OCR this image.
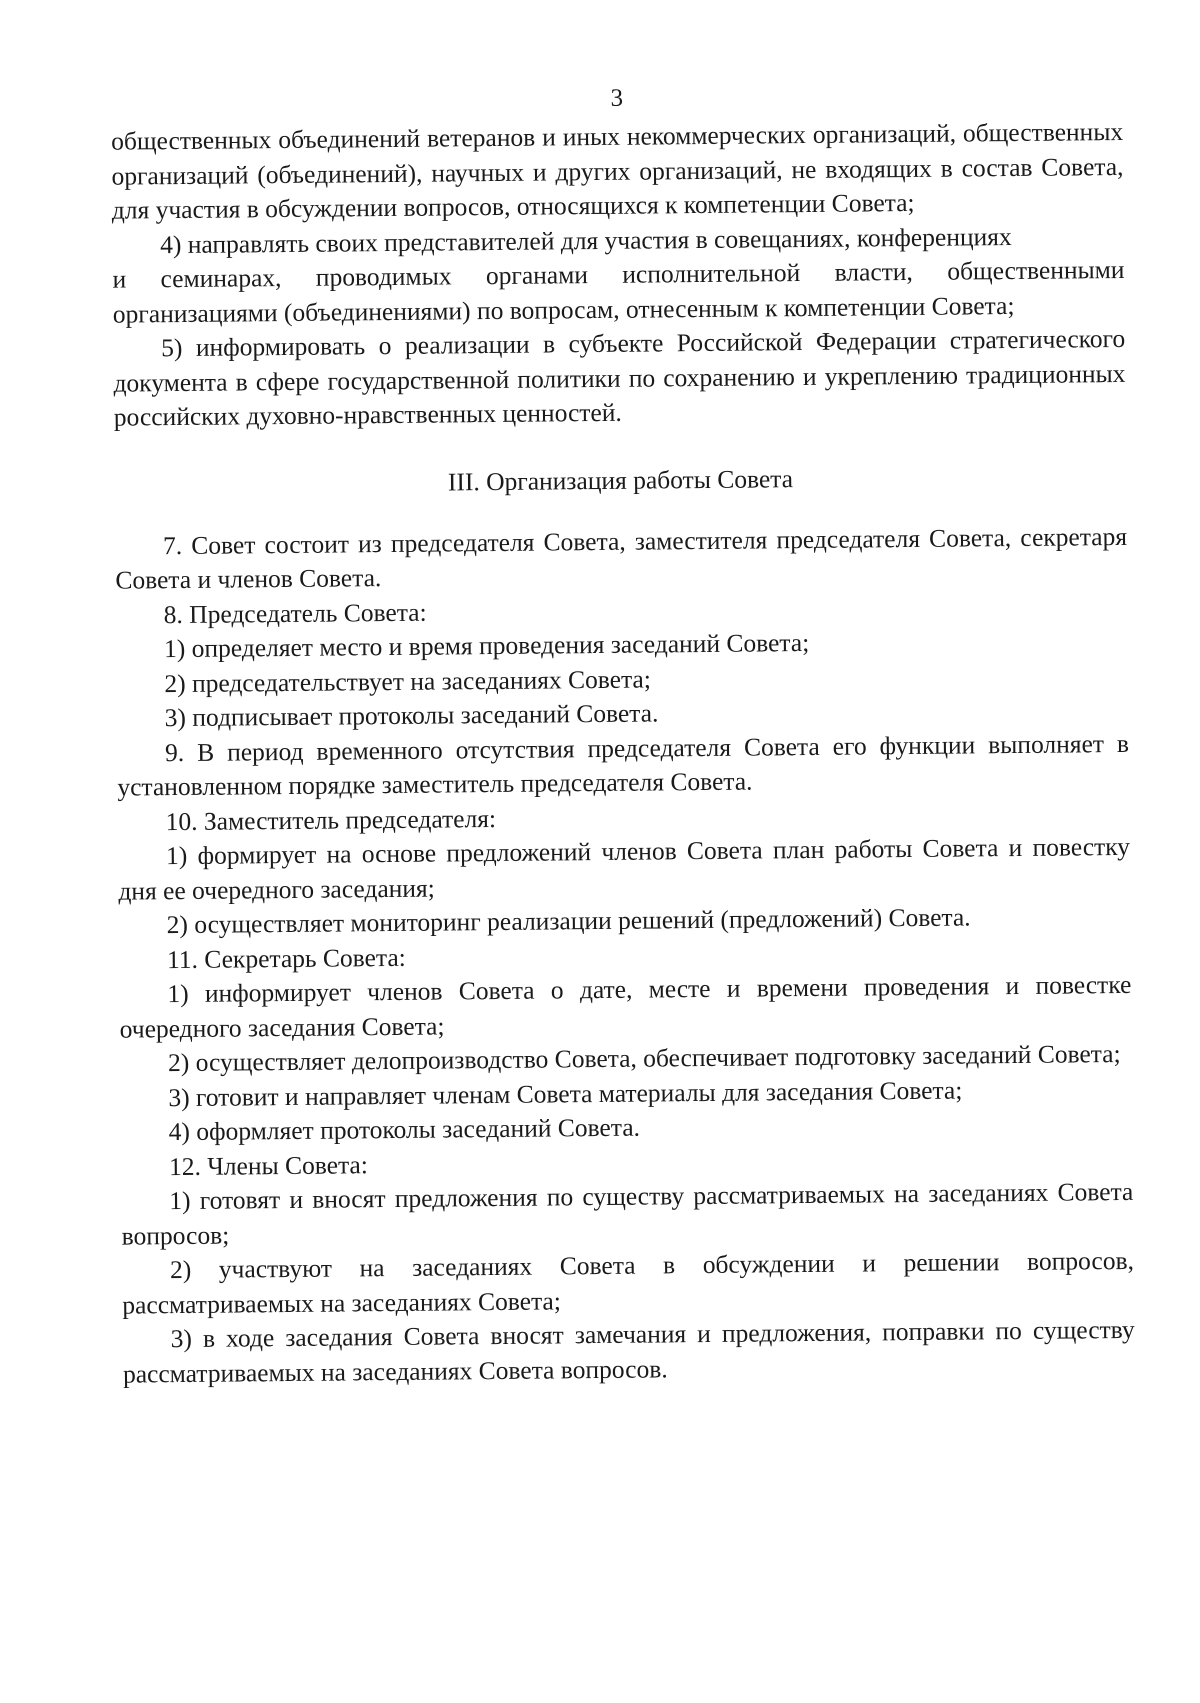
3

общественных объединений ветеранов и иных некоммерческих организаций, общественных организаций (объединений), научных и других организаций, не входящих в состав Совета, для участия в обсуждении вопросов, относящихся к компетенции Совета;

4) направлять своих представителей для участия в совещаниях, конференциях

и семинарах, проводимых органами исполнительной власти, общественными организациями (объединениями) по вопросам, отнесенным к компетенции Совета;

5) информировать о реализации в субъекте Российской Федерации стратегического документа в сфере государственной политики по сохранению и укреплению традиционных российских духовно-нравственных ценностей.

III. Организация работы Совета

7. Совет состоит из председателя Совета, заместителя председателя Совета, секретаря Совета и членов Совета.

8. Председатель Совета:

1) определяет место и время проведения заседаний Совета;

2) председательствует на заседаниях Совета;

3) подписывает протоколы заседаний Совета.

9. В период временного отсутствия председателя Совета его функции выполняет в установленном порядке заместитель председателя Совета.

10. Заместитель председателя:

1) формирует на основе предложений членов Совета план работы Совета и повестку дня ее очередного заседания;

2) осуществляет мониторинг реализации решений (предложений) Совета.

11. Секретарь Совета:

1) информирует членов Совета о дате, месте и времени проведения и повестке очередного заседания Совета;

2) осуществляет делопроизводство Совета, обеспечивает подготовку заседаний Совета;

3) готовит и направляет членам Совета материалы для заседания Совета;

4) оформляет протоколы заседаний Совета.

12. Члены Совета:

1) готовят и вносят предложения по существу рассматриваемых на заседаниях Совета вопросов;

2) участвуют на заседаниях Совета в обсуждении и решении вопросов, рассматриваемых на заседаниях Совета;

3) в ходе заседания Совета вносят замечания и предложения, поправки по существу рассматриваемых на заседаниях Совета вопросов.
